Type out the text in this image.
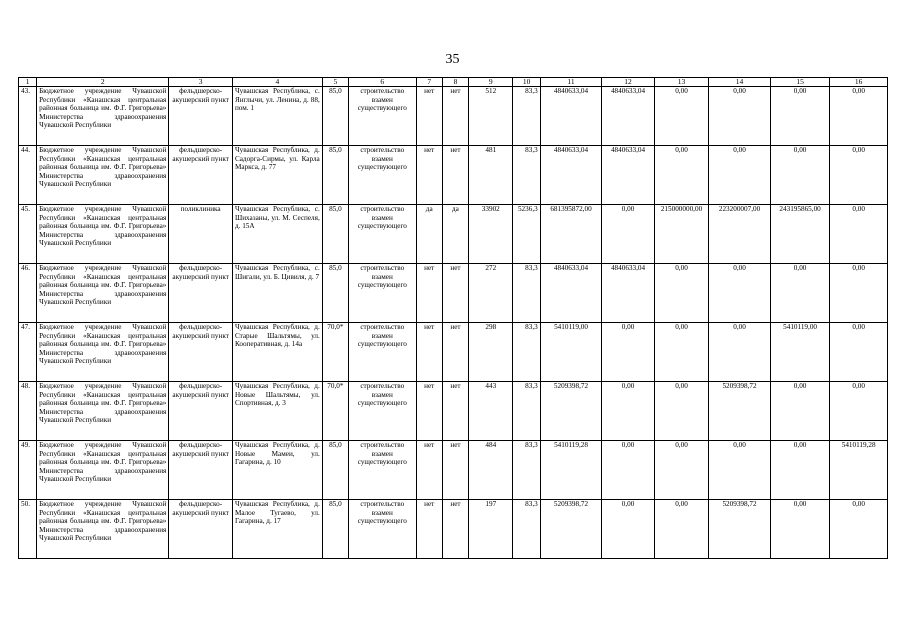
35
1	2	3	4	5	6	7	8	9	10	11	12	13	14	15	16
43.	Бюджетное учреждение Чувашской Республики «Канашская центральная районная больница им. Ф.Г. Григорьева» Министерства здравоохранения Чувашской Республики	фельдшерско-акушерский пункт	Чувашская Республика, с. Янглычи, ул. Ленина, д. 88, пом. 1	85,0	строительство взамен существующего	нет	нет	512	83,3	4840633,04	4840633,04	0,00	0,00	0,00	0,00
44.	Бюджетное учреждение Чувашской Республики «Канашская центральная районная больница им. Ф.Г. Григорьева» Министерства здравоохранения Чувашской Республики	фельдшерско-акушерский пункт	Чувашская Республика, д. Садорга-Сирмы, ул. Карла Маркса, д. 77	85,0	строительство взамен существующего	нет	нет	481	83,3	4840633,04	4840633,04	0,00	0,00	0,00	0,00
45.	Бюджетное учреждение Чувашской Республики «Канашская центральная районная больница им. Ф.Г. Григорьева» Министерства здравоохранения Чувашской Республики	поликлиника	Чувашская Республика, с. Шихазаны, ул. М. Сеспеля, д. 15А	85,0	строительство взамен существующего	да	да	33902	5236,3	681395872,00	0,00	215000000,00	223200007,00	243195865,00	0,00
46.	Бюджетное учреждение Чувашской Республики «Канашская центральная районная больница им. Ф.Г. Григорьева» Министерства здравоохранения Чувашской Республики	фельдшерско-акушерский пункт	Чувашская Республика, с. Шигали, ул. Б. Цивиля, д. 7	85,0	строительство взамен существующего	нет	нет	272	83,3	4840633,04	4840633,04	0,00	0,00	0,00	0,00
47.	Бюджетное учреждение Чувашской Республики «Канашская центральная районная больница им. Ф.Г. Григорьева» Министерства здравоохранения Чувашской Республики	фельдшерско-акушерский пункт	Чувашская Республика, д. Старые Шальтямы, ул. Кооперативная, д. 14а	70,0*	строительство взамен существующего	нет	нет	298	83,3	5410119,00	0,00	0,00	0,00	5410119,00	0,00
48.	Бюджетное учреждение Чувашской Республики «Канашская центральная районная больница им. Ф.Г. Григорьева» Министерства здравоохранения Чувашской Республики	фельдшерско-акушерский пункт	Чувашская Республика, д. Новые Шальтямы, ул. Спортивная, д. 3	70,0*	строительство взамен существующего	нет	нет	443	83,3	5209398,72	0,00	0,00	5209398,72	0,00	0,00
49.	Бюджетное учреждение Чувашской Республики «Канашская центральная районная больница им. Ф.Г. Григорьева» Министерства здравоохранения Чувашской Республики	фельдшерско-акушерский пункт	Чувашская Республика, д. Новые Мамеи, ул. Гагарина, д. 10	85,0	строительство взамен существующего	нет	нет	484	83,3	5410119,28	0,00	0,00	0,00	0,00	5410119,28
50.	Бюджетное учреждение Чувашской Республики «Канашская центральная районная больница им. Ф.Г. Григорьева» Министерства здравоохранения Чувашской Республики	фельдшерско-акушерский пункт	Чувашская Республика, д. Малое Тугаево, ул. Гагарина, д. 17	85,0	строительство взамен существующего	нет	нет	197	83,3	5209398,72	0,00	0,00	5209398,72	0,00	0,00
